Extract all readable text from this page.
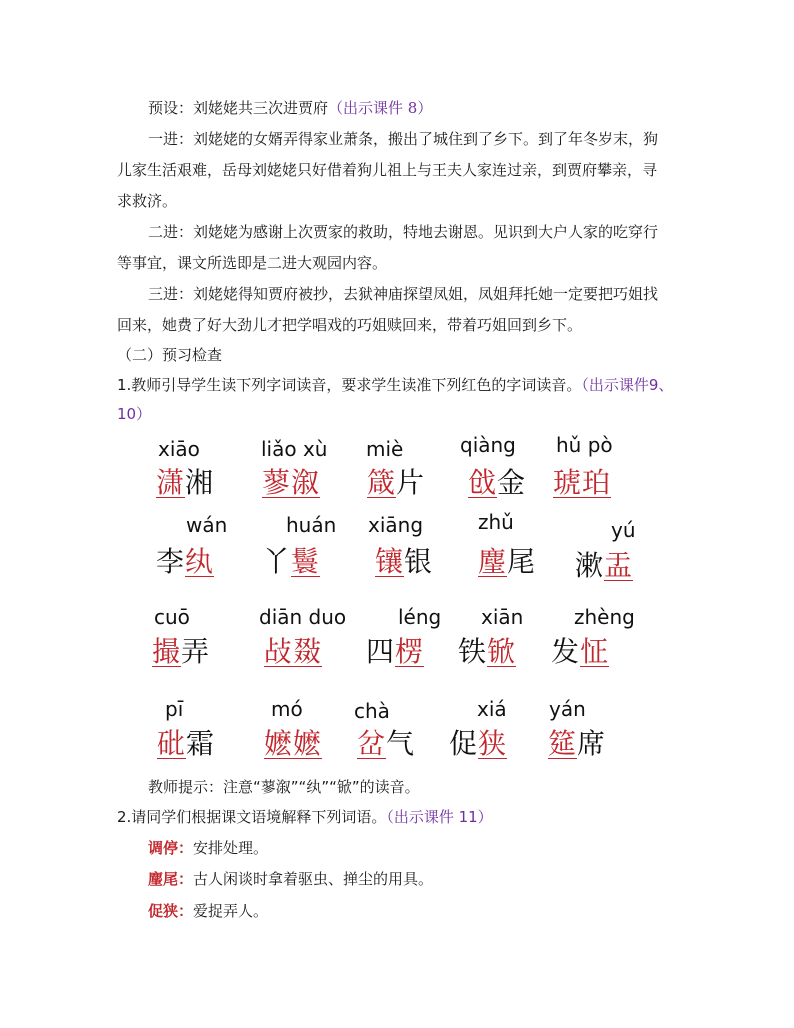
预设：刘姥姥共三次进贾府（出示课件 8）
一进：刘姥姥的女婿弄得家业萧条，搬出了城住到了乡下。到了年冬岁末，狗
儿家生活艰难，岳母刘姥姥只好借着狗儿祖上与王夫人家连过亲，到贾府攀亲，寻
求救济。
二进：刘姥姥为感谢上次贾家的救助，特地去谢恩。见识到大户人家的吃穿行
等事宜，课文所选即是二进大观园内容。
三进：刘姥姥得知贾府被抄，去狱神庙探望凤姐，凤姐拜托她一定要把巧姐找
回来，她费了好大劲儿才把学唱戏的巧姐赎回来，带着巧姐回到乡下。
（二）预习检查
1.教师引导学生读下列字词读音，要求学生读准下列红色的字词读音。（出示课件9、
10）
xiāo
潇湘
liǎo xù
蓼溆
miè
箴片
qiàng
戗金
hǔ pò
琥珀
wán
李纨
huán
丫鬟
xiāng
镶银
zhǔ
麈尾
yú
漱盂
cuō
撮弄
diān duo
敁敠
léng
四楞
xiān
铁锨
zhèng
发怔
pī
砒霜
mó
嬷嬷
chà
岔气
xiá
促狭
yán
筵席
教师提示：注意“蓼溆”“纨”“锨”的读音。
2.请同学们根据课文语境解释下列词语。（出示课件 11）
调停：安排处理。
麈尾：古人闲谈时拿着驱虫、掸尘的用具。
促狭：爱捉弄人。
